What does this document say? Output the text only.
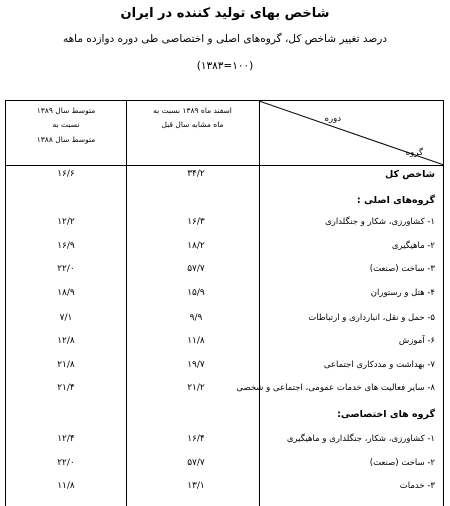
شاخص بهای تولید کننده در ایران
درصد تغییر شاخص کل، گروه‌های اصلی و اختصاصی طی دوره دوازده ماهه
(۱۰۰=۱۳۸۳)
دوره
گروه
اسفند ماه ۱۳۸۹ نسبت به
ماه مشابه سال قبل
متوسط سال ۱۳۸۹
نسبت به
متوسط سال ۱۳۸۸
شاخص کل
۳۴/۲
۱۶/۶
گروه‌های اصلی :
۱- کشاورزی، شکار و جنگلداری
۱۶/۳
۱۲/۲
۲- ماهیگیری
۱۸/۲
۱۶/۹
۳- ساخت (صنعت)
۵۷/۷
۲۲/۰
۴- هتل و رستوران
۱۵/۹
۱۸/۹
۵- حمل و نقل، انبارداری و ارتباطات
۹/۹
۷/۱
۶- آموزش
۱۱/۸
۱۲/۸
۷- بهداشت و مددکاری اجتماعی
۱۹/۷
۲۱/۸
۸- سایر فعالیت های خدمات عمومی، اجتماعی و شخصی
۲۱/۲
۲۱/۴
گروه های اختصاصی:
۱- کشاورزی، شکار، جنگلداری و ماهیگیری
۱۶/۴
۱۲/۴
۲- ساخت (صنعت)
۵۷/۷
۲۲/۰
۳- خدمات
۱۳/۱
۱۱/۸
